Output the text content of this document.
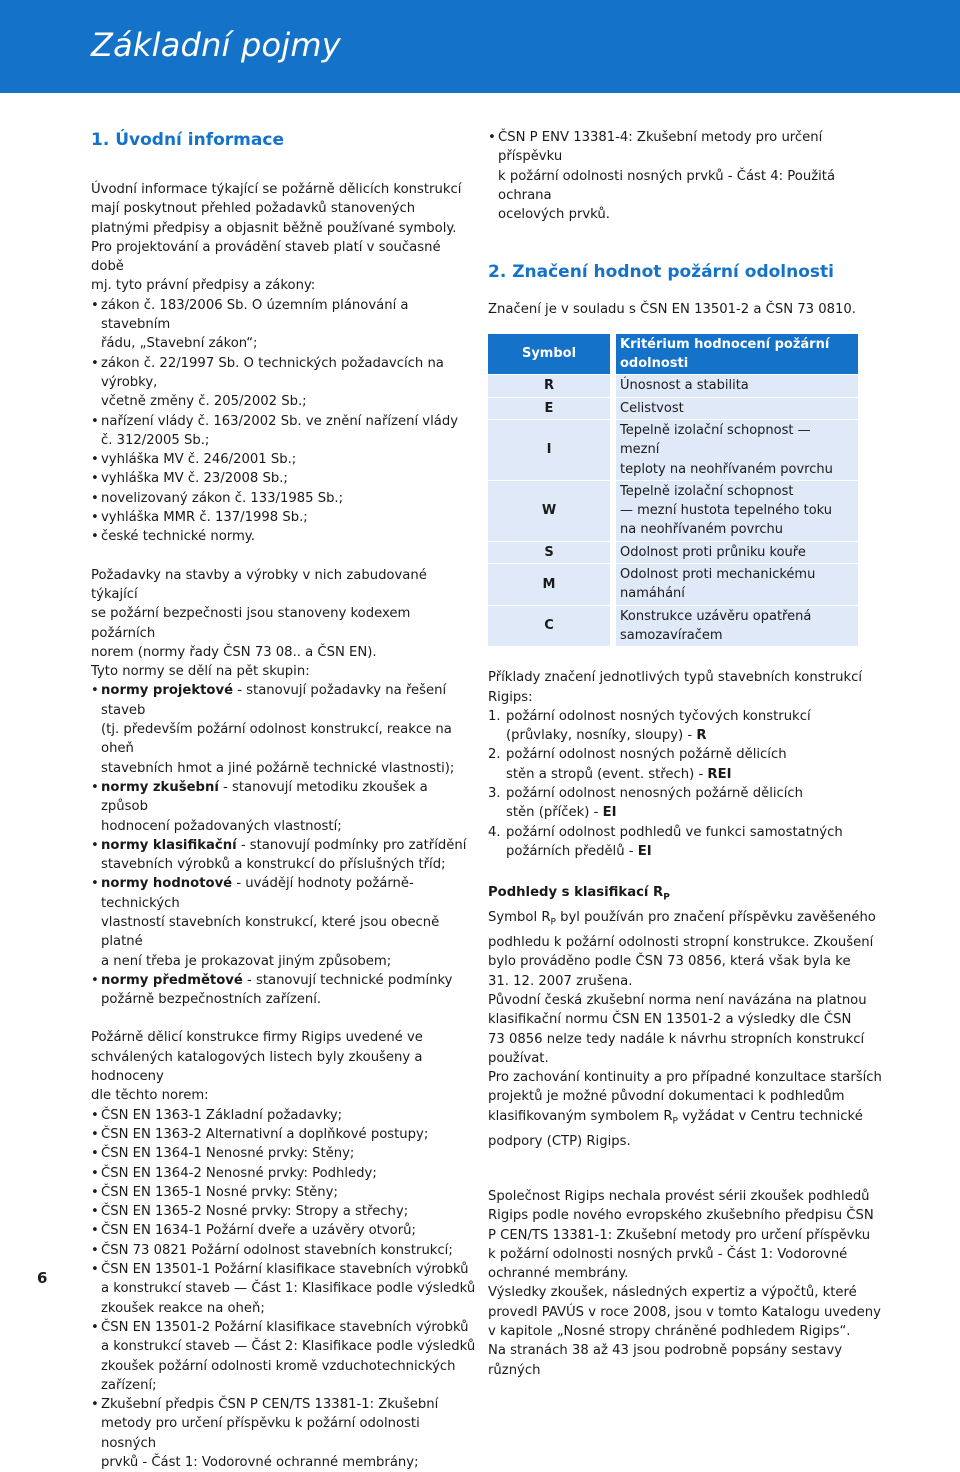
Základní pojmy
1. Úvodní informace

Úvodní informace týkající se požárně dělicích konstrukcí
mají poskytnout přehled požadavků stanovených
platnými předpisy a objasnit běžně používané symboly.
Pro projektování a provádění staveb platí v současné době
mj. tyto právní předpisy a zákony:

• zákon č. 183/2006 Sb. O územním plánování a stavebním
řádu, „Stavební zákon“;
• zákon č. 22/1997 Sb. O technických požadavcích na výrobky,
včetně změny č. 205/2002 Sb.;
• nařízení vlády č. 163/2002 Sb. ve znění nařízení vlády
č. 312/2005 Sb.;
• vyhláška MV č. 246/2001 Sb.;
• vyhláška MV č. 23/2008 Sb.;
• novelizovaný zákon č. 133/1985 Sb.;
• vyhláška MMR č. 137/1998 Sb.;
• české technické normy.

Požadavky na stavby a výrobky v nich zabudované týkající
se požární bezpečnosti jsou stanoveny kodexem požárních
norem (normy řady ČSN 73 08.. a ČSN EN).
Tyto normy se dělí na pět skupin:

• normy projektové - stanovují požadavky na řešení staveb
(tj. především požární odolnost konstrukcí, reakce na oheň
stavebních hmot a jiné požárně technické vlastnosti);
• normy zkušební - stanovují metodiku zkoušek a způsob
hodnocení požadovaných vlastností;
• normy klasifikační - stanovují podmínky pro zatřídění
stavebních výrobků a konstrukcí do příslušných tříd;
• normy hodnotové - uvádějí hodnoty požárně-technických
vlastností stavebních konstrukcí, které jsou obecně platné
a není třeba je prokazovat jiným způsobem;
• normy předmětové - stanovují technické podmínky
požárně bezpečnostních zařízení.

Požárně dělicí konstrukce firmy Rigips uvedené ve
schválených katalogových listech byly zkoušeny a hodnoceny
dle těchto norem:

• ČSN EN 1363-1 Základní požadavky;
• ČSN EN 1363-2 Alternativní a doplňkové postupy;
• ČSN EN 1364-1 Nenosné prvky: Stěny;
• ČSN EN 1364-2 Nenosné prvky: Podhledy;
• ČSN EN 1365-1 Nosné prvky: Stěny;
• ČSN EN 1365-2 Nosné prvky: Stropy a střechy;
• ČSN EN 1634-1 Požární dveře a uzávěry otvorů;
• ČSN 73 0821 Požární odolnost stavebních konstrukcí;
• ČSN EN 13501-1 Požární klasifikace stavebních výrobků
a konstrukcí staveb — Část 1: Klasifikace podle výsledků
zkoušek reakce na oheň;
• ČSN EN 13501-2 Požární klasifikace stavebních výrobků
a konstrukcí staveb — Část 2: Klasifikace podle výsledků
zkoušek požární odolnosti kromě vzduchotechnických
zařízení;
• Zkušební předpis ČSN P CEN/TS 13381-1: Zkušební
metody pro určení příspěvku k požární odolnosti nosných
prvků - Část 1: Vodorovné ochranné membrány;
• ČSN P ENV 13381-4: Zkušební metody pro určení příspěvku
k požární odolnosti nosných prvků - Část 4: Použitá ochrana
ocelových prvků.
2. Značení hodnot požární odolnosti

Značení je v souladu s ČSN EN 13501-2 a ČSN 73 0810.

Symbol	Kritérium hodnocení požární odolnosti
R	Únosnost a stabilita
E	Celistvost
I	Tepelně izolační schopnost — mezní
teploty na neohřívaném povrchu
W	Tepelně izolační schopnost
— mezní hustota tepelného toku
na neohřívaném povrchu
S	Odolnost proti průniku kouře
M	Odolnost proti mechanickému
namáhání
C	Konstrukce uzávěru opatřená
samozavíračem

Příklady značení jednotlivých typů stavebních konstrukcí Rigips:

1. požární odolnost nosných tyčových konstrukcí
(průvlaky, nosníky, sloupy) - R
2. požární odolnost nosných požárně dělicích
stěn a stropů (event. střech) - REI
3. požární odolnost nenosných požárně dělicích
stěn (příček) - EI
4. požární odolnost podhledů ve funkci samostatných
požárních předělů - EI

Podhledy s klasifikací $R_P$

Symbol $R_P$ byl používán pro značení příspěvku zavěšeného
podhledu k požární odolnosti stropní konstrukce. Zkoušení
bylo prováděno podle ČSN 73 0856, která však byla ke
31. 12. 2007 zrušena.
Původní česká zkušební norma není navázána na platnou
klasifikační normu ČSN EN 13501-2 a výsledky dle ČSN
73 0856 nelze tedy nadále k návrhu stropních konstrukcí
používat.
Pro zachování kontinuity a pro případné konzultace starších
projektů je možné původní dokumentaci k podhledům
klasifikovaným symbolem $R_P$ vyžádat v Centru technické
podpory (CTP) Rigips.

Společnost Rigips nechala provést sérii zkoušek podhledů
Rigips podle nového evropského zkušebního předpisu ČSN
P CEN/TS 13381-1: Zkušební metody pro určení příspěvku
k požární odolnosti nosných prvků - Část 1: Vodorovné
ochranné membrány.
Výsledky zkoušek, následných expertiz a výpočtů, které
provedl PAVÚS v roce 2008, jsou v tomto Katalogu uvedeny
v kapitole „Nosné stropy chráněné podhledem Rigips“.
Na stranách 38 až 43 jsou podrobně popsány sestavy různých

6
